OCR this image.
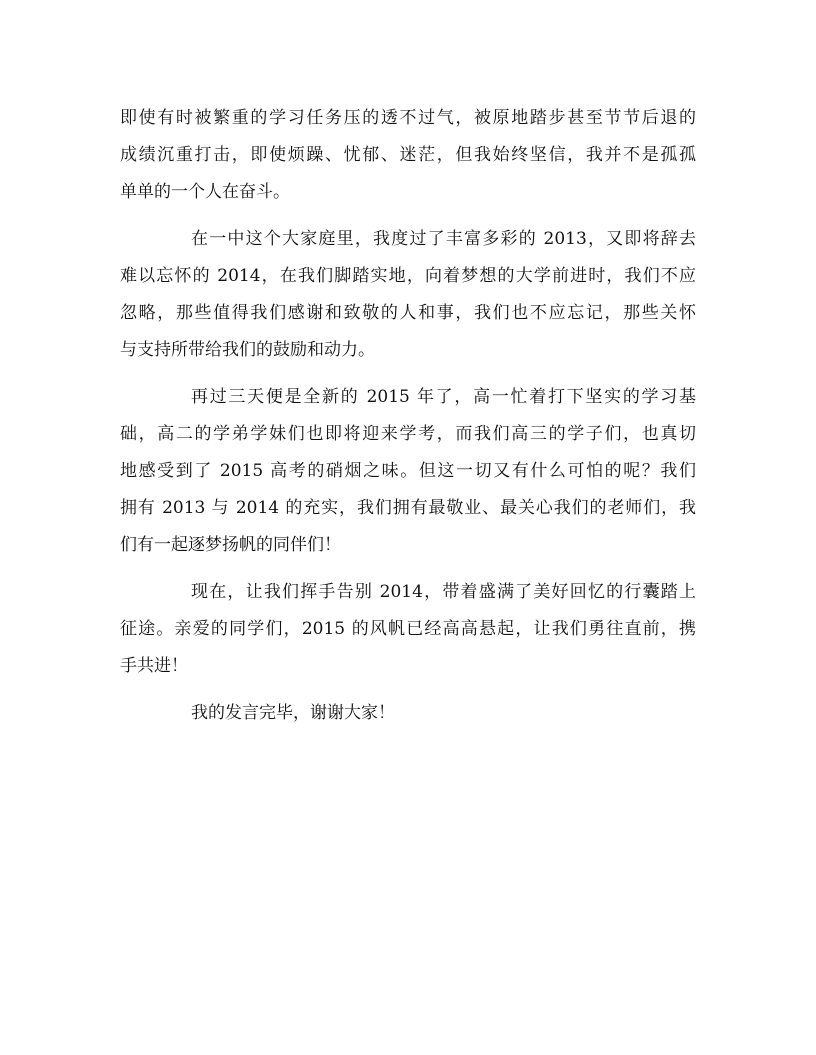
即使有时被繁重的学习任务压的透不过气，被原地踏步甚至节节后退的
成绩沉重打击，即使烦躁、忧郁、迷茫，但我始终坚信，我并不是孤孤
单单的一个人在奋斗。

在一中这个大家庭里，我度过了丰富多彩的 2013，又即将辞去
难以忘怀的 2014，在我们脚踏实地，向着梦想的大学前进时，我们不应
忽略，那些值得我们感谢和致敬的人和事，我们也不应忘记，那些关怀
与支持所带给我们的鼓励和动力。

再过三天便是全新的 2015 年了，高一忙着打下坚实的学习基
础，高二的学弟学妹们也即将迎来学考，而我们高三的学子们，也真切
地感受到了 2015 高考的硝烟之味。但这一切又有什么可怕的呢？我们
拥有 2013 与 2014 的充实，我们拥有最敬业、最关心我们的老师们，我
们有一起逐梦扬帆的同伴们！

现在，让我们挥手告别 2014，带着盛满了美好回忆的行囊踏上
征途。亲爱的同学们，2015 的风帆已经高高悬起，让我们勇往直前，携
手共进！

我的发言完毕，谢谢大家！
